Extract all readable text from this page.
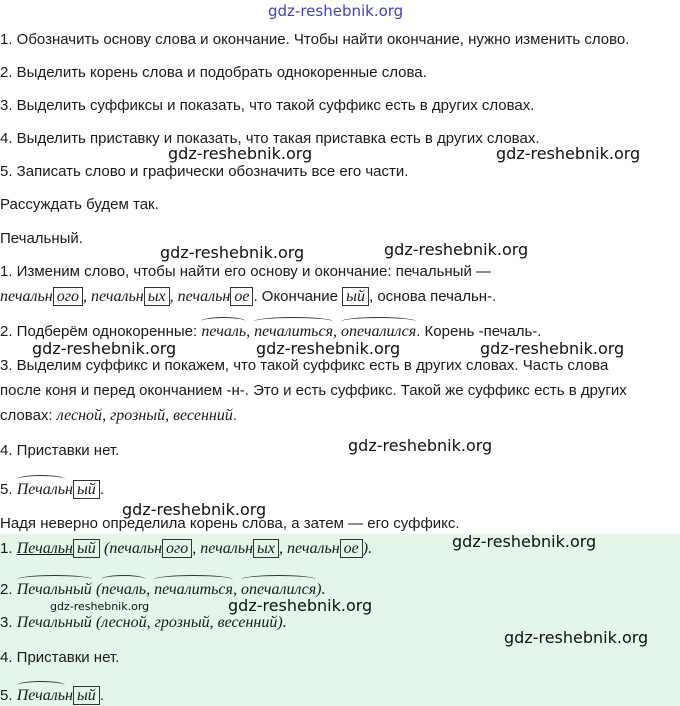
gdz-reshebnik.org
1. Обозначить основу слова и окончание. Чтобы найти окончание, нужно изменить слово.
2. Выделить корень слова и подобрать однокоренные слова.
3. Выделить суффиксы и показать, что такой суффикс есть в других словах.
4. Выделить приставку и показать, что такая приставка есть в других словах.
gdz-reshebnik.org	gdz-reshebnik.org
5. Записать слово и графически обозначить все его части.
Рассуждать будем так.
Печальный.
gdz-reshebnik.org	gdz-reshebnik.org
1. Изменим слово, чтобы найти его основу и окончание: печальный —
печальн ого , печальн ых , печальн ое . Окончание ый , основа печальн-.
2. Подберём однокоренные: печаль, печалиться, опечалился. Корень -печаль-.
gdz-reshebnik.org	gdz-reshebnik.org	gdz-reshebnik.org
3. Выделим суффикс и покажем, что такой суффикс есть в других словах. Часть слова
после коня и перед окончанием -н-. Это и есть суффикс. Такой же суффикс есть в других
словах: лесной, грозный, весенний.
gdz-reshebnik.org
4. Приставки нет.
5. Печальн ый .
gdz-reshebnik.org
Надя неверно определила корень слова, а затем — его суффикс.
1. Печальн ый (печальн ого , печальн ых , печальн ое ).	gdz-reshebnik.org
2. Печальный (печаль, печалиться, опечалился).
gdz-reshebnik.org	gdz-reshebnik.org
3. Печальный (лесной, грозный, весенний).
gdz-reshebnik.org
4. Приставки нет.
5. Печальн ый .
